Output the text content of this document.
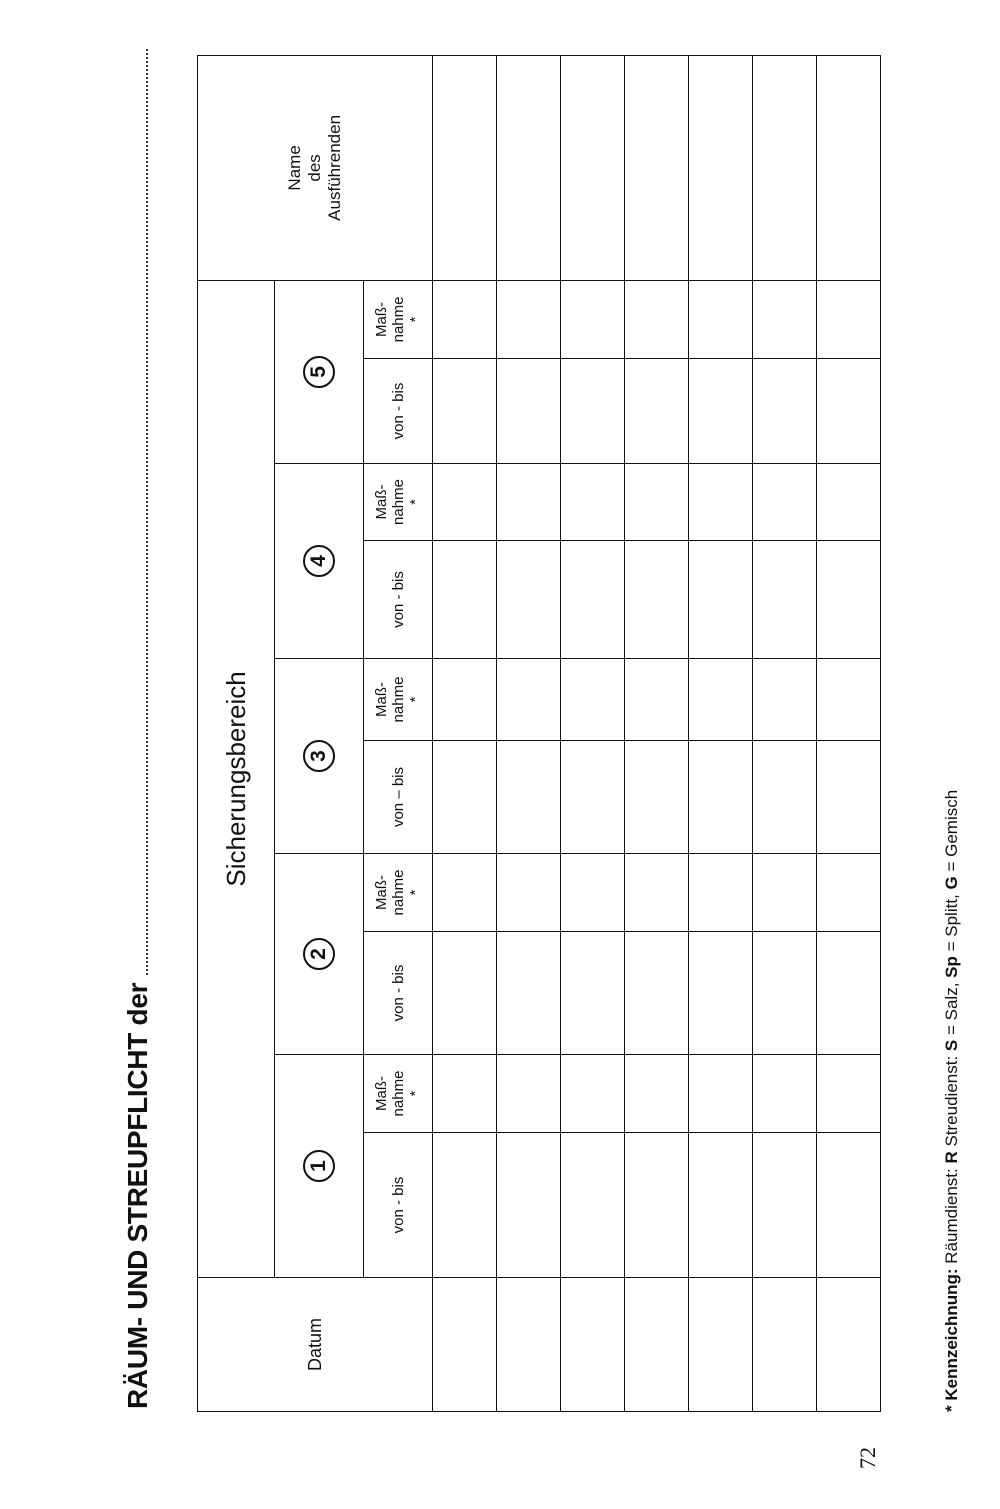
72
RÄUM- UND STREUPFLICHT der	Datum	Sicherungsbereich										Name
des
Ausführenden
	1		2		3		4		5		
	von - bis	Maß-
nahme
*	von - bis	Maß-
nahme
*	von – bis	Maß-
nahme
*	von - bis	Maß-
nahme
*	von - bis	Maß-
nahme
*	

* Kennzeichnung: Räumdienst: R Streudienst: S = Salz, Sp = Splitt, G = Gemisch
